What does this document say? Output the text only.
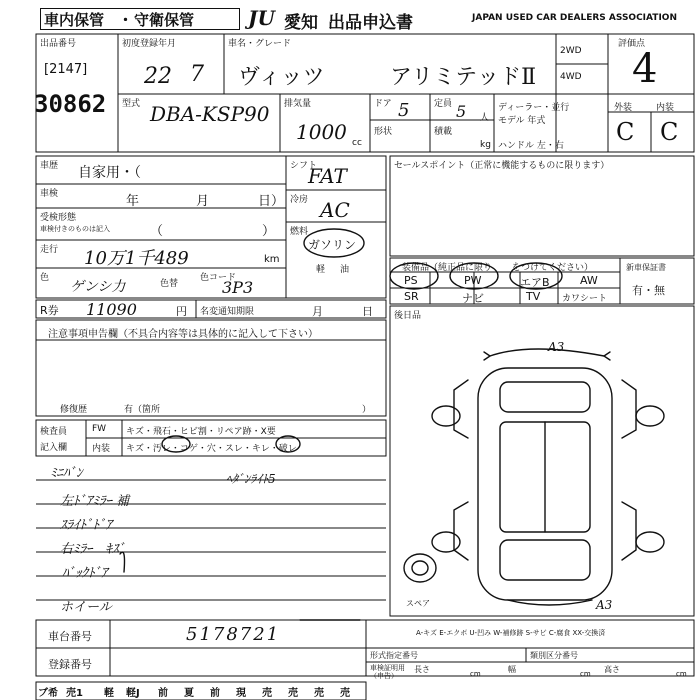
車内保管 ・ 守衛保管	JU 愛知 出品申込書	JAPAN USED CAR DEALERS ASSOCIATION
出品番号
[2147]
30862
初度登録年月
22 7
車名・グレード
ヴィッツ	アリミテッドⅡ
2WD
4WD
評価点
4
型式 DBA-KSP90	排気量
1000 cc
ドア 5	定員 5 人
形状	積載
kg
ディーラー・並行
モデル 年式
ハンドル 左・右
外装	内装
C C
車歴 自家用・（
車検	年	月	日）
受検形態
車検付きのものは記入	（	）
走行 10万1千489	km
色
ゲンシ力	色替
色コード
3P3
R券 11090	円 名変通知期限	月	日
シフト
FAT
冷房 AC
燃料
ガソリン
軽 油
セールスポイント（正常に機能するものに限ります）
装備品（純正品に限り をつけてください）
PS	PW	エアB	AW
SR	ナビ	TV カワシート
新車保証書
有・無
後日品
注意事項申告欄（不具合内容等は具体的に記入して下さい）
修復歴	有（箇所	）
検査員
記入欄
FW キズ・飛石・ヒビ割・リペア跡・X要
内装 キズ・汚レ・コゲ・穴・スレ・キレ・破レ
ﾐﾆﾊﾞﾝ	ﾍﾀﾞﾝﾗｲﾄ5
左ﾄﾞｱﾐﾗｰ 補
ｽﾗｲﾄﾞﾄﾞｱ
右ﾐﾗｰ　ｷｽﾞ
ﾊﾞｯｸﾄﾞｱ
ホイール
A3
A3
スペア
A-キズ E-エクボ U-凹み W-補修跡 S-サビ C-腐食 XX-交換済
形式指定番号	類別区分番号
車台番号	5178721
登録番号	車検証明用
（申告）
長さ	cm	幅	cm 高さ	cm
ブ希 売1 軽 軽J 前 夏 前 現 売 売 売 売
